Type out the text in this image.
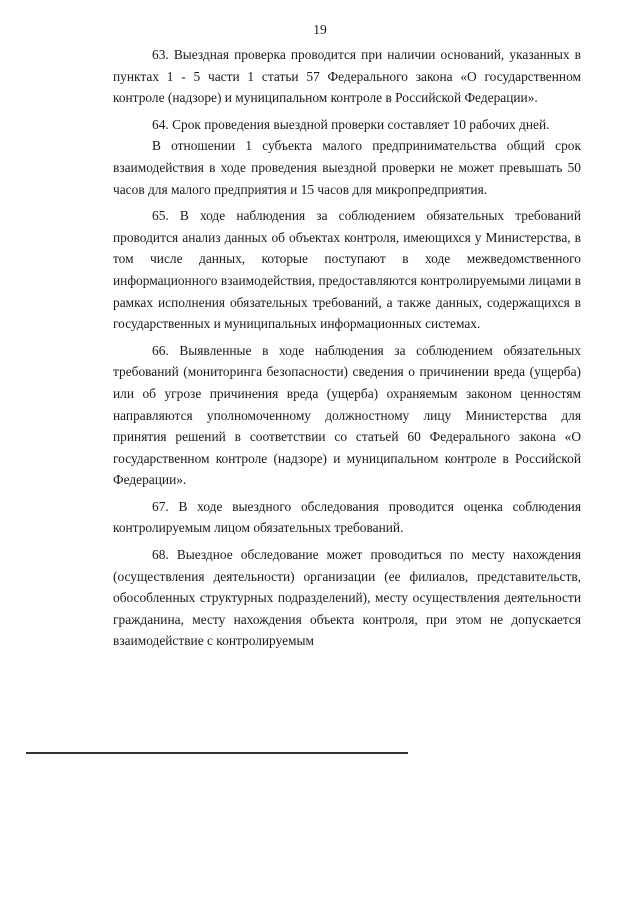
19

63. Выездная проверка проводится при наличии оснований, указанных в пунктах 1 - 5 части 1 статьи 57 Федерального закона «О государственном контроле (надзоре) и муниципальном контроле в Российской Федерации».

64. Срок проведения выездной проверки составляет 10 рабочих дней.

В отношении 1 субъекта малого предпринимательства общий срок взаимодействия в ходе проведения выездной проверки не может превышать 50 часов для малого предприятия и 15 часов для микропредприятия.

65. В ходе наблюдения за соблюдением обязательных требований проводится анализ данных об объектах контроля, имеющихся у Министерства, в том числе данных, которые поступают в ходе межведомственного информационного взаимодействия, предоставляются контролируемыми лицами в рамках исполнения обязательных требований, а также данных, содержащихся в государственных и муниципальных информационных системах.

66. Выявленные в ходе наблюдения за соблюдением обязательных требований (мониторинга безопасности) сведения о причинении вреда (ущерба) или об угрозе причинения вреда (ущерба) охраняемым законом ценностям направляются уполномоченному должностному лицу Министерства для принятия решений в соответствии со статьей 60 Федерального закона «О государственном контроле (надзоре) и муниципальном контроле в Российской Федерации».

67. В ходе выездного обследования проводится оценка соблюдения контролируемым лицом обязательных требований.

68. Выездное обследование может проводиться по месту нахождения (осуществления деятельности) организации (ее филиалов, представительств, обособленных структурных подразделений), месту осуществления деятельности гражданина, месту нахождения объекта контроля, при этом не допускается взаимодействие с контролируемым
